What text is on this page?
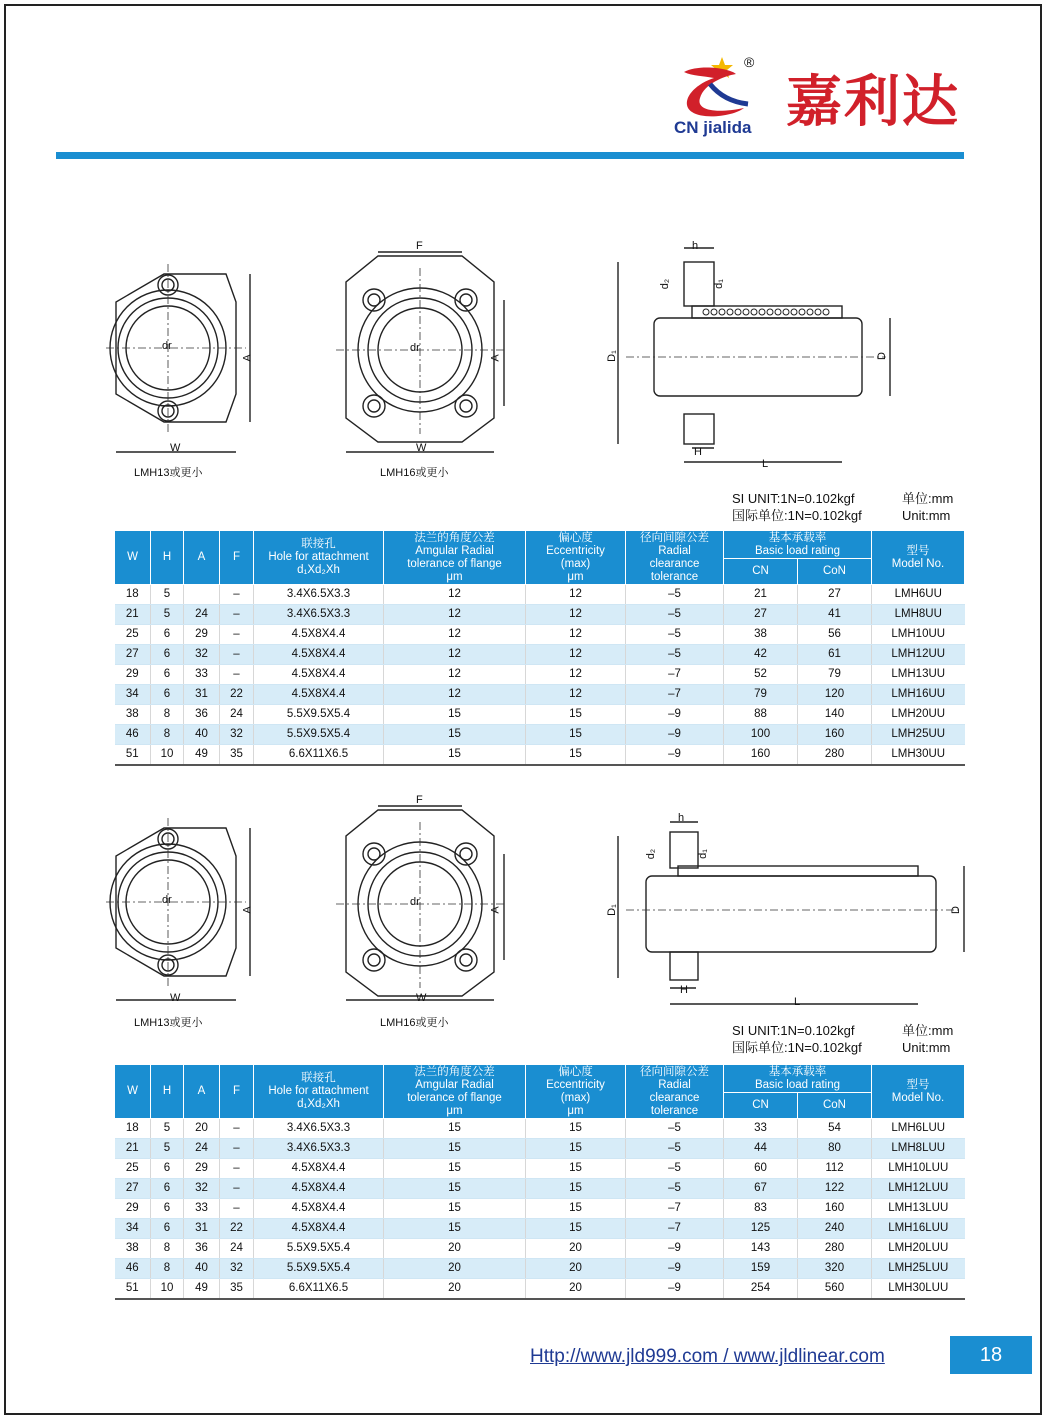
®
嘉利达
CN jialida
W
A
dr
LMH13或更小
F
W
A
dr
LMH16或更小
D₁	D
L
H
h
d₂	d₁
SI UNIT:1N=0.102kgf	单位:mm
国际单位:1N=0.102kgf	Unit:mm
W	H	A	F	联接孔
Hole for attachment
d₁Xd₂Xh	法兰的角度公差
Amgular Radial
tolerance of flange
μm	偏心度
Eccentricity
(max)
μm	径向间隙公差
Radial
clearance
tolerance	基本承载率
Basic load rating		型号
Model No.
								CN	CoN	
18	5		–	3.4X6.5X3.3	12	12	–5	21	27	LMH6UU
21	5	24	–	3.4X6.5X3.3	12	12	–5	27	41	LMH8UU
25	6	29	–	4.5X8X4.4	12	12	–5	38	56	LMH10UU
27	6	32	–	4.5X8X4.4	12	12	–5	42	61	LMH12UU
29	6	33	–	4.5X8X4.4	12	12	–7	52	79	LMH13UU
34	6	31	22	4.5X8X4.4	12	12	–7	79	120	LMH16UU
38	8	36	24	5.5X9.5X5.4	15	15	–9	88	140	LMH20UU
46	8	40	32	5.5X9.5X5.4	15	15	–9	100	160	LMH25UU
51	10	49	35	6.6X11X6.5	15	15	–9	160	280	LMH30UU
W
A
dr
LMH13或更小
F
W
A
dr
LMH16或更小
D₁	D
L
H
h
d₂	d₁
SI UNIT:1N=0.102kgf	单位:mm
国际单位:1N=0.102kgf	Unit:mm
W	H	A	F	联接孔
Hole for attachment
d₁Xd₂Xh	法兰的角度公差
Amgular Radial
tolerance of flange
μm	偏心度
Eccentricity
(max)
μm	径向间隙公差
Radial
clearance
tolerance	基本承载率
Basic load rating		型号
Model No.
								CN	CoN	
18	5	20	–	3.4X6.5X3.3	15	15	–5	33	54	LMH6LUU
21	5	24	–	3.4X6.5X3.3	15	15	–5	44	80	LMH8LUU
25	6	29	–	4.5X8X4.4	15	15	–5	60	112	LMH10LUU
27	6	32	–	4.5X8X4.4	15	15	–5	67	122	LMH12LUU
29	6	33	–	4.5X8X4.4	15	15	–7	83	160	LMH13LUU
34	6	31	22	4.5X8X4.4	15	15	–7	125	240	LMH16LUU
38	8	36	24	5.5X9.5X5.4	20	20	–9	143	280	LMH20LUU
46	8	40	32	5.5X9.5X5.4	20	20	–9	159	320	LMH25LUU
51	10	49	35	6.6X11X6.5	20	20	–9	254	560	LMH30LUU
Http://www.jld999.com / www.jldlinear.com	18
